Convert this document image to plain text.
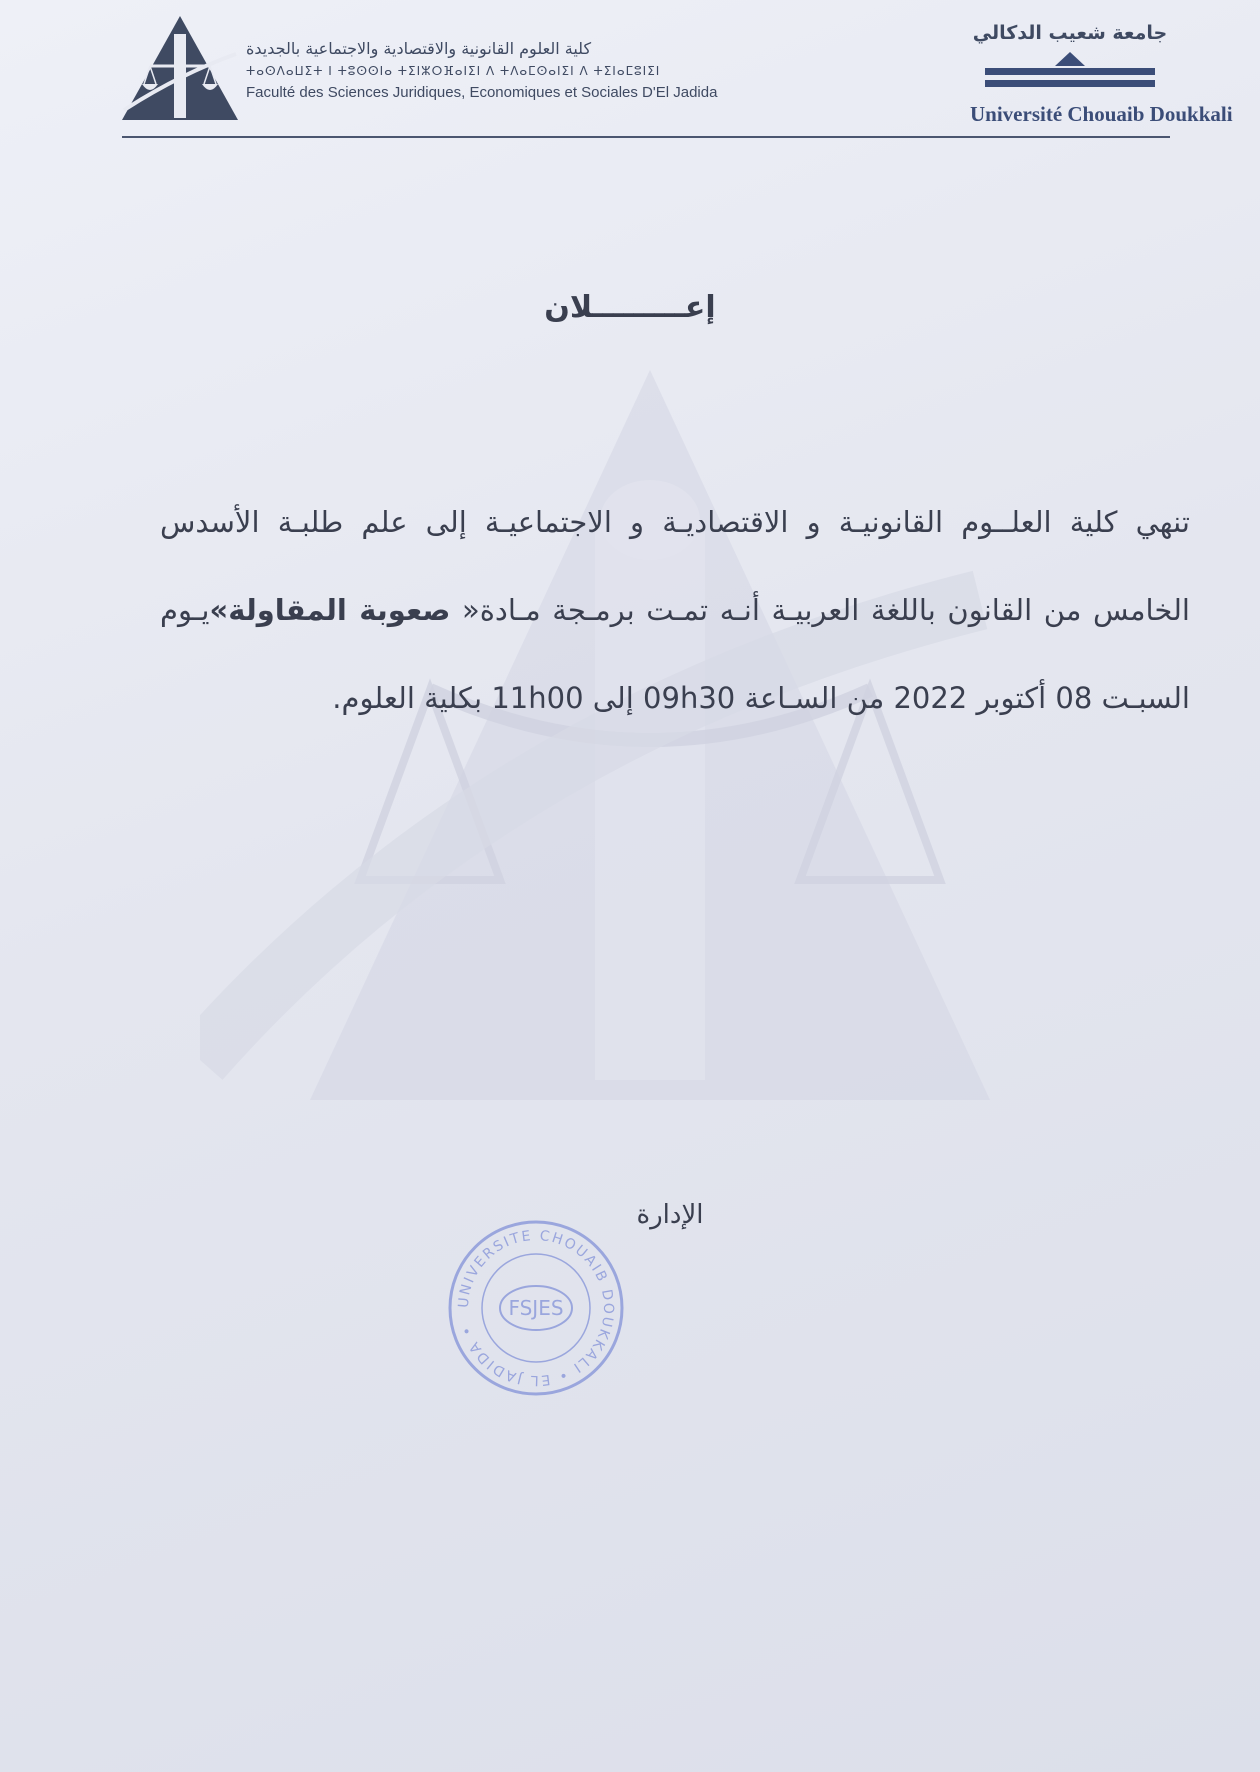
كلية العلوم القانونية والاقتصادية والاجتماعية بالجديدة
ⵜⴰⵙⴷⴰⵡⵉⵜ ⵏ ⵜⵓⵙⵙⵏⴰ ⵜⵉⵏⵣⵔⴼⴰⵏⵉⵏ ⴷ ⵜⴷⴰⵎⵙⴰⵏⵉⵏ ⴷ ⵜⵉⵏⴰⵎⵓⵏⵉⵏ
Faculté des Sciences Juridiques, Economiques et Sociales D'El Jadida
جامعة شعيب الدكالي
Université Chouaib Doukkali
إعـــــــــلان
تنهي كلية العلــوم القانونيـة و الاقتصاديـة و الاجتماعيـة إلى علم طلبـة الأسدس الخامس من القانون باللغة العربيـة أنـه تمـت برمـجة مـادة« صعوبة المقاولة»يـوم السبـت 08 أكتوبر 2022 من السـاعة 09h30 إلى 11h00 بكلية العلوم.
الإدارة
UNIVERSITE CHOUAIB DOUKKALI • EL JADIDA •
FSJES
